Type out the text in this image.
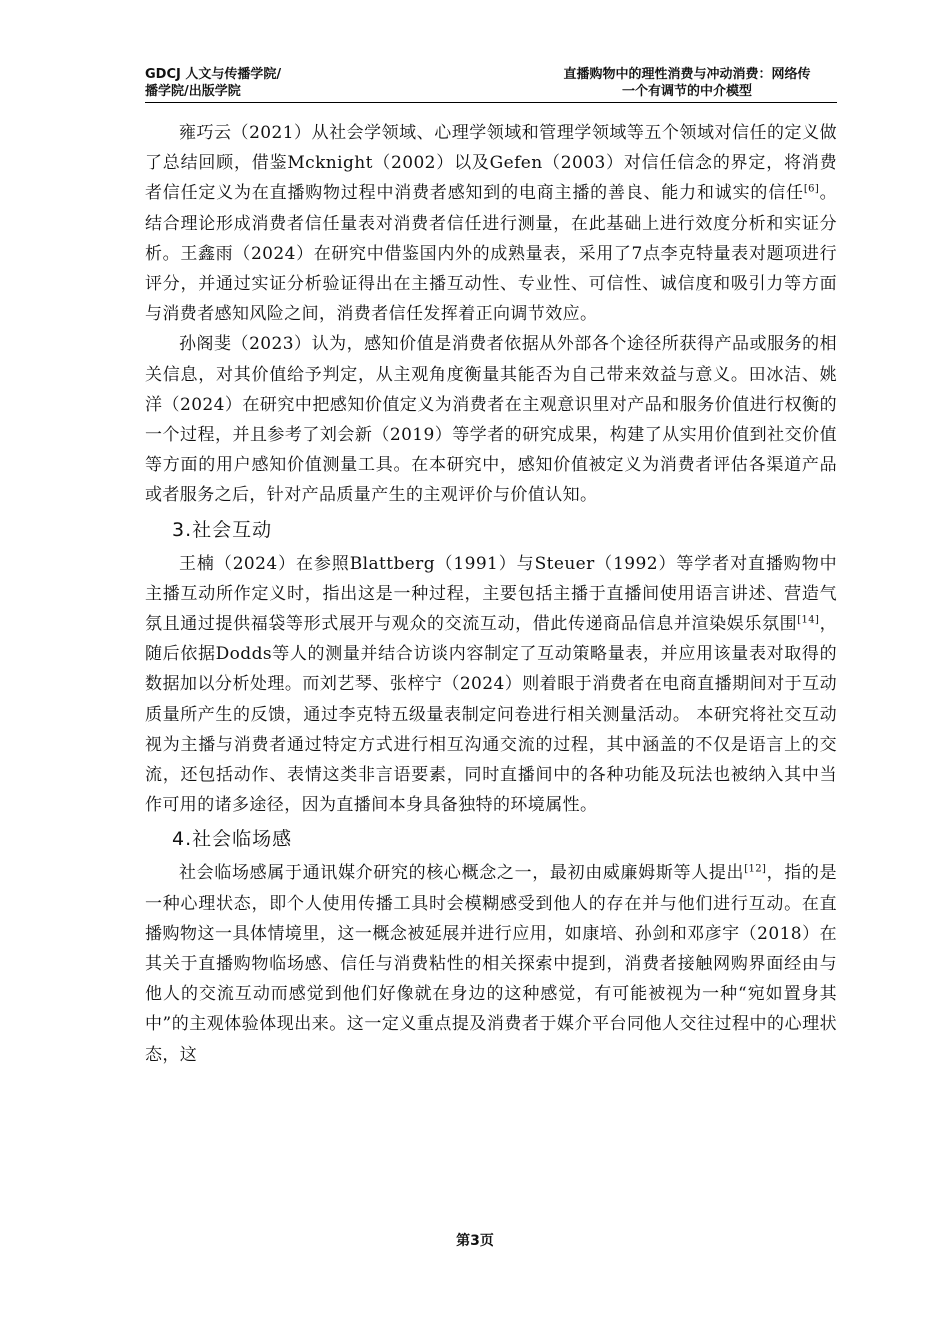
GDCJ 人文与传播学院/
播学院/出版学院
直播购物中的理性消费与冲动消费：网络传
一个有调节的中介模型

雍巧云（2021）从社会学领域、心理学领域和管理学领域等五个领域对信任的定义做了总结回顾，借鉴Mcknight（2002）以及Gefen（2003）对信任信念的界定，将消费者信任定义为在直播购物过程中消费者感知到的电商主播的善良、能力和诚实的信任[6]。结合理论形成消费者信任量表对消费者信任进行测量，在此基础上进行效度分析和实证分析。王鑫雨（2024）在研究中借鉴国内外的成熟量表，采用了7点李克特量表对题项进行评分，并通过实证分析验证得出在主播互动性、专业性、可信性、诚信度和吸引力等方面与消费者感知风险之间，消费者信任发挥着正向调节效应。

孙阁斐（2023）认为，感知价值是消费者依据从外部各个途径所获得产品或服务的相关信息，对其价值给予判定，从主观角度衡量其能否为自己带来效益与意义。田冰洁、姚洋（2024）在研究中把感知价值定义为消费者在主观意识里对产品和服务价值进行权衡的一个过程，并且参考了刘会新（2019）等学者的研究成果，构建了从实用价值到社交价值等方面的用户感知价值测量工具。在本研究中，感知价值被定义为消费者评估各渠道产品或者服务之后，针对产品质量产生的主观评价与价值认知。

3.社会互动

王楠（2024）在参照Blattberg（1991）与Steuer（1992）等学者对直播购物中主播互动所作定义时，指出这是一种过程，主要包括主播于直播间使用语言讲述、营造气氛且通过提供福袋等形式展开与观众的交流互动，借此传递商品信息并渲染娱乐氛围[14]，随后依据Dodds等人的测量并结合访谈内容制定了互动策略量表，并应用该量表对取得的数据加以分析处理。而刘艺琴、张梓宁（2024）则着眼于消费者在电商直播期间对于互动质量所产生的反馈，通过李克特五级量表制定问卷进行相关测量活动。 本研究将社交互动视为主播与消费者通过特定方式进行相互沟通交流的过程，其中涵盖的不仅是语言上的交流，还包括动作、表情这类非言语要素，同时直播间中的各种功能及玩法也被纳入其中当作可用的诸多途径，因为直播间本身具备独特的环境属性。

4.社会临场感

社会临场感属于通讯媒介研究的核心概念之一，最初由威廉姆斯等人提出[12]，指的是一种心理状态，即个人使用传播工具时会模糊感受到他人的存在并与他们进行互动。在直播购物这一具体情境里，这一概念被延展并进行应用，如康培、孙剑和邓彦宇（2018）在其关于直播购物临场感、信任与消费粘性的相关探索中提到，消费者接触网购界面经由与他人的交流互动而感觉到他们好像就在身边的这种感觉，有可能被视为一种“宛如置身其中”的主观体验体现出来。这一定义重点提及消费者于媒介平台同他人交往过程中的心理状态，这

第3页
